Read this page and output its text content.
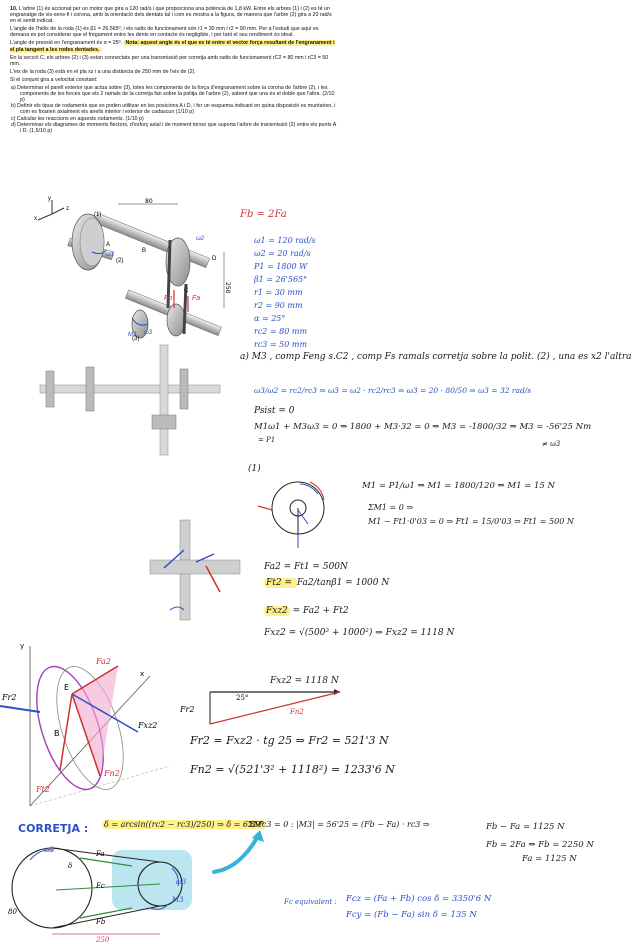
10. L'arbre (1) és accionat per un motor que gira a 120 rad/s i que proporciona una potència de 1,8 kW. Entre els arbres (1) i (2) es té un engranatge de vis-sens-fi i corona, amb la orientació dels dentats tal i com es mostra a la figura, de manera que l'arbre (2) gira a 20 rad/s en el sentit indicat.

L'angle de l'hèlix de la roda (1) és β1 = 26,565º, i els radis de funcionament són r1 = 30 mm i r2 = 90 mm. Per a l'estudi que aquí es demana es pot considerar que el fregament entre les dents en contacte és negligible, i per tant el seu rendiment és ideal.

L'angle de pressió en l'engranament és α = 25º. Nota: aquest angle és el que es té entre el vector força resultant de l'engranament i el pla tangent a les rodes dentades.

En la secció C, els arbres (2) i (3) estan connectats per una transmissió per corretja amb radis de funcionament rC2 = 80 mm i rC3 = 50 mm.

L'eix de la roda (3) està en el pla xz i a una distància de 250 mm de l'eix de (2).

Si el conjunt gira a velocitat constant:

a) Determinar el parell exterior que actua sobre (3), totes les components de la força d'engranament sobre la corona de l'arbre (2), i les components de les forces que els 2 ramals de la corretja fan sobre la politja de l'arbre (2), sabent que una és el doble que l'altra. (2/10 p)
b) Definir els tipus de rodaments que es poden utilitzar en les posicions A i D, i fer un esquema indicant en quina disposició es muntarien, i com es fixarien axialment els anells interior i exterior de cadascun (1/10 p)
c) Calcular les reaccions en aquests rodaments. (1/10 p)
d) Determinar els diagrames de moments flectors, d'esforç axial i de moment torsor que suporta l'arbre de transmissió (2) entre els punts A i D. (1,5/10 p)
80
250
(1)
(2)
(3)
A
B
C
D
x
y
z
Fb	Fa
ω1
ω2
ω3
M3
Fb = 2Fa
ω1 = 120 rad/s
ω2 = 20 rad/s
P1 = 1800 W
β1 = 26'565°
r1 = 30 mm
r2 = 90 mm
α = 25°
rc2 = 80 mm
rc3 = 50 mm
a) M3 , comp Feng s.C2 , comp Fs ramals corretja sobre la polit. (2) , una es x2 l'altra
ω3/ω2 = rc2/rc3 ⇒ ω3 = ω2 · rc2/rc3 ⇒ ω3 = 20 · 80/50 ⇒ ω3 = 32 rad/s
Psist = 0
M1ω1 + M3ω3 = 0 ⇒ 1800 + M3·32 = 0 ⇒ M3 = -1800/32 ⇒ M3 = -56'25 Nm
= P1	≠ ω3
(1)
M1 = P1/ω1 ⇒ M1 = 1800/120 ⇒ M1 = 15 N
ΣM1 = 0 ⇒
M1 − Ft1·0'03 = 0 ⇒ Ft1 = 15/0'03 ⇒ Ft1 = 500 N
Fa2 = Ft1 = 500N
Ft2 = Fa2/tanβ1 = 1000 N
Fxz2 = Fa2 + Ft2
Fxz2 = √(500² + 1000²) ⇒ Fxz2 = 1118 N
Fr2
Fxz2
Fa2
Ft2
Fn2
E
B
y
x
Fxz2 = 1118 N
Fr2	Fn2
25°
Fr2 = Fxz2 · tg 25 ⇒ Fr2 = 521'3 N
Fn2 = √(521'3² + 1118²) = 1233'6 N
CORRETJA : δ = arcsin((rc2 − rc3)/250) ⇒ δ = 6'89°
ΣMc3 = 0 : |M3| = 56'25 = (Fb − Fa) · rc3 ⇒	Fb − Fa = 1125 N
Fb = 2Fa ⇒ Fb = 2250 N
Fa = 1125 N
Fc equivalent : Fcz = (Fa + Fb) cos δ = 3350'6 N
Fcy = (Fb − Fa) sin δ = 135 N
ω2	Fa
Fb
Fc	ω3
M3
80
250
δ
